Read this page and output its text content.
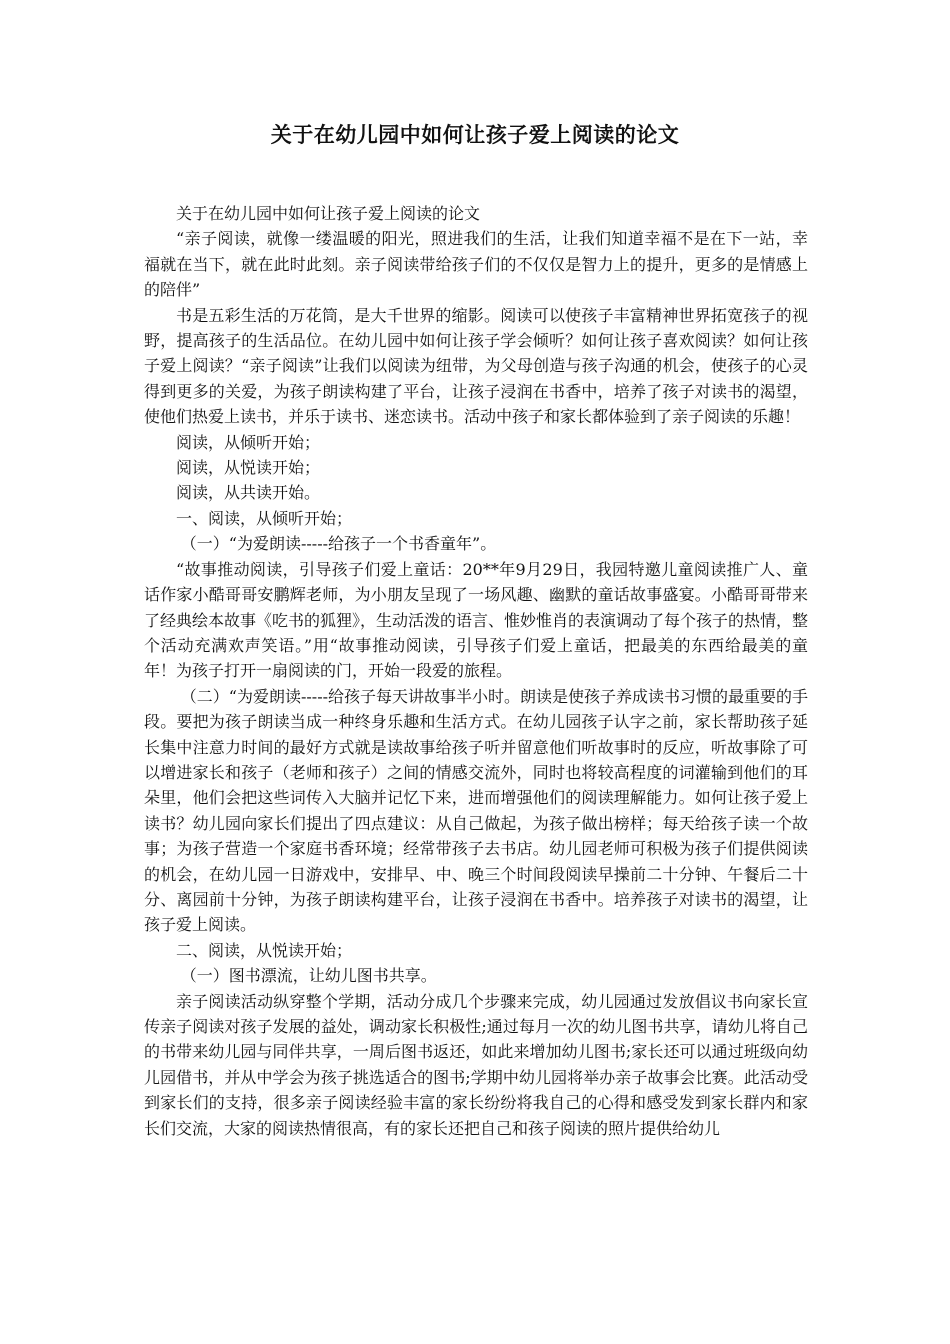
关于在幼儿园中如何让孩子爱上阅读的论文

关于在幼儿园中如何让孩子爱上阅读的论文

“亲子阅读，就像一缕温暖的阳光，照进我们的生活，让我们知道幸福不是在下一站，幸福就在当下，就在此时此刻。亲子阅读带给孩子们的不仅仅是智力上的提升，更多的是情感上的陪伴”

书是五彩生活的万花筒，是大千世界的缩影。阅读可以使孩子丰富精神世界拓宽孩子的视野，提高孩子的生活品位。在幼儿园中如何让孩子学会倾听？如何让孩子喜欢阅读？如何让孩子爱上阅读？“亲子阅读”让我们以阅读为纽带，为父母创造与孩子沟通的机会，使孩子的心灵得到更多的关爱，为孩子朗读构建了平台，让孩子浸润在书香中，培养了孩子对读书的渴望，使他们热爱上读书，并乐于读书、迷恋读书。活动中孩子和家长都体验到了亲子阅读的乐趣！

阅读，从倾听开始；

阅读，从悦读开始；

阅读，从共读开始。

一、阅读，从倾听开始；

（一）“为爱朗读-----给孩子一个书香童年”。

“故事推动阅读，引导孩子们爱上童话：20**年9月29日，我园特邀儿童阅读推广人、童话作家小酷哥哥安鹏辉老师，为小朋友呈现了一场风趣、幽默的童话故事盛宴。小酷哥哥带来了经典绘本故事《吃书的狐狸》，生动活泼的语言、惟妙惟肖的表演调动了每个孩子的热情，整个活动充满欢声笑语。”用“故事推动阅读，引导孩子们爱上童话，把最美的东西给最美的童年！为孩子打开一扇阅读的门，开始一段爱的旅程。

（二）“为爱朗读-----给孩子每天讲故事半小时。朗读是使孩子养成读书习惯的最重要的手段。要把为孩子朗读当成一种终身乐趣和生活方式。在幼儿园孩子认字之前，家长帮助孩子延长集中注意力时间的最好方式就是读故事给孩子听并留意他们听故事时的反应，听故事除了可以增进家长和孩子（老师和孩子）之间的情感交流外，同时也将较高程度的词灌输到他们的耳朵里，他们会把这些词传入大脑并记忆下来，进而增强他们的阅读理解能力。如何让孩子爱上读书？幼儿园向家长们提出了四点建议：从自己做起，为孩子做出榜样；每天给孩子读一个故事；为孩子营造一个家庭书香环境；经常带孩子去书店。幼儿园老师可积极为孩子们提供阅读的机会，在幼儿园一日游戏中，安排早、中、晚三个时间段阅读早操前二十分钟、午餐后二十分、离园前十分钟，为孩子朗读构建平台，让孩子浸润在书香中。培养孩子对读书的渴望，让孩子爱上阅读。

二、阅读，从悦读开始；

（一）图书漂流，让幼儿图书共享。

亲子阅读活动纵穿整个学期，活动分成几个步骤来完成，幼儿园通过发放倡议书向家长宣传亲子阅读对孩子发展的益处，调动家长积极性;通过每月一次的幼儿图书共享，请幼儿将自己的书带来幼儿园与同伴共享，一周后图书返还，如此来增加幼儿图书;家长还可以通过班级向幼儿园借书，并从中学会为孩子挑选适合的图书;学期中幼儿园将举办亲子故事会比赛。此活动受到家长们的支持，很多亲子阅读经验丰富的家长纷纷将我自己的心得和感受发到家长群内和家长们交流，大家的阅读热情很高，有的家长还把自己和孩子阅读的照片提供给幼儿
